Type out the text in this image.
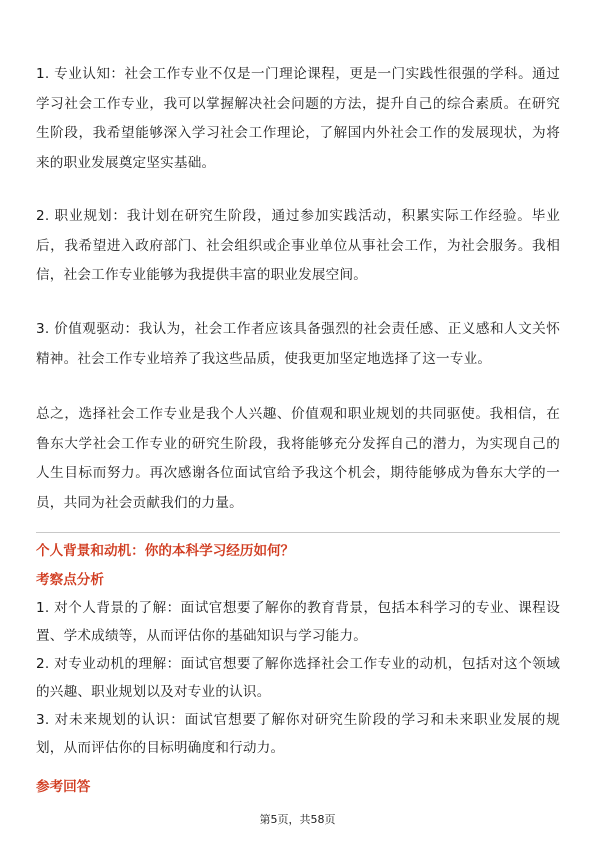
1. 专业认知：社会工作专业不仅是一门理论课程，更是一门实践性很强的学科。通过学习社会工作专业，我可以掌握解决社会问题的方法，提升自己的综合素质。在研究生阶段，我希望能够深入学习社会工作理论，了解国内外社会工作的发展现状，为将来的职业发展奠定坚实基础。

2. 职业规划：我计划在研究生阶段，通过参加实践活动，积累实际工作经验。毕业后，我希望进入政府部门、社会组织或企事业单位从事社会工作，为社会服务。我相信，社会工作专业能够为我提供丰富的职业发展空间。

3. 价值观驱动：我认为，社会工作者应该具备强烈的社会责任感、正义感和人文关怀精神。社会工作专业培养了我这些品质，使我更加坚定地选择了这一专业。

总之，选择社会工作专业是我个人兴趣、价值观和职业规划的共同驱使。我相信，在鲁东大学社会工作专业的研究生阶段，我将能够充分发挥自己的潜力，为实现自己的人生目标而努力。再次感谢各位面试官给予我这个机会，期待能够成为鲁东大学的一员，共同为社会贡献我们的力量。

个人背景和动机：你的本科学习经历如何？

考察点分析

1. 对个人背景的了解：面试官想要了解你的教育背景，包括本科学习的专业、课程设置、学术成绩等，从而评估你的基础知识与学习能力。

2. 对专业动机的理解：面试官想要了解你选择社会工作专业的动机，包括对这个领域的兴趣、职业规划以及对专业的认识。

3. 对未来规划的认识：面试官想要了解你对研究生阶段的学习和未来职业发展的规划，从而评估你的目标明确度和行动力。

参考回答

第5页，共58页
